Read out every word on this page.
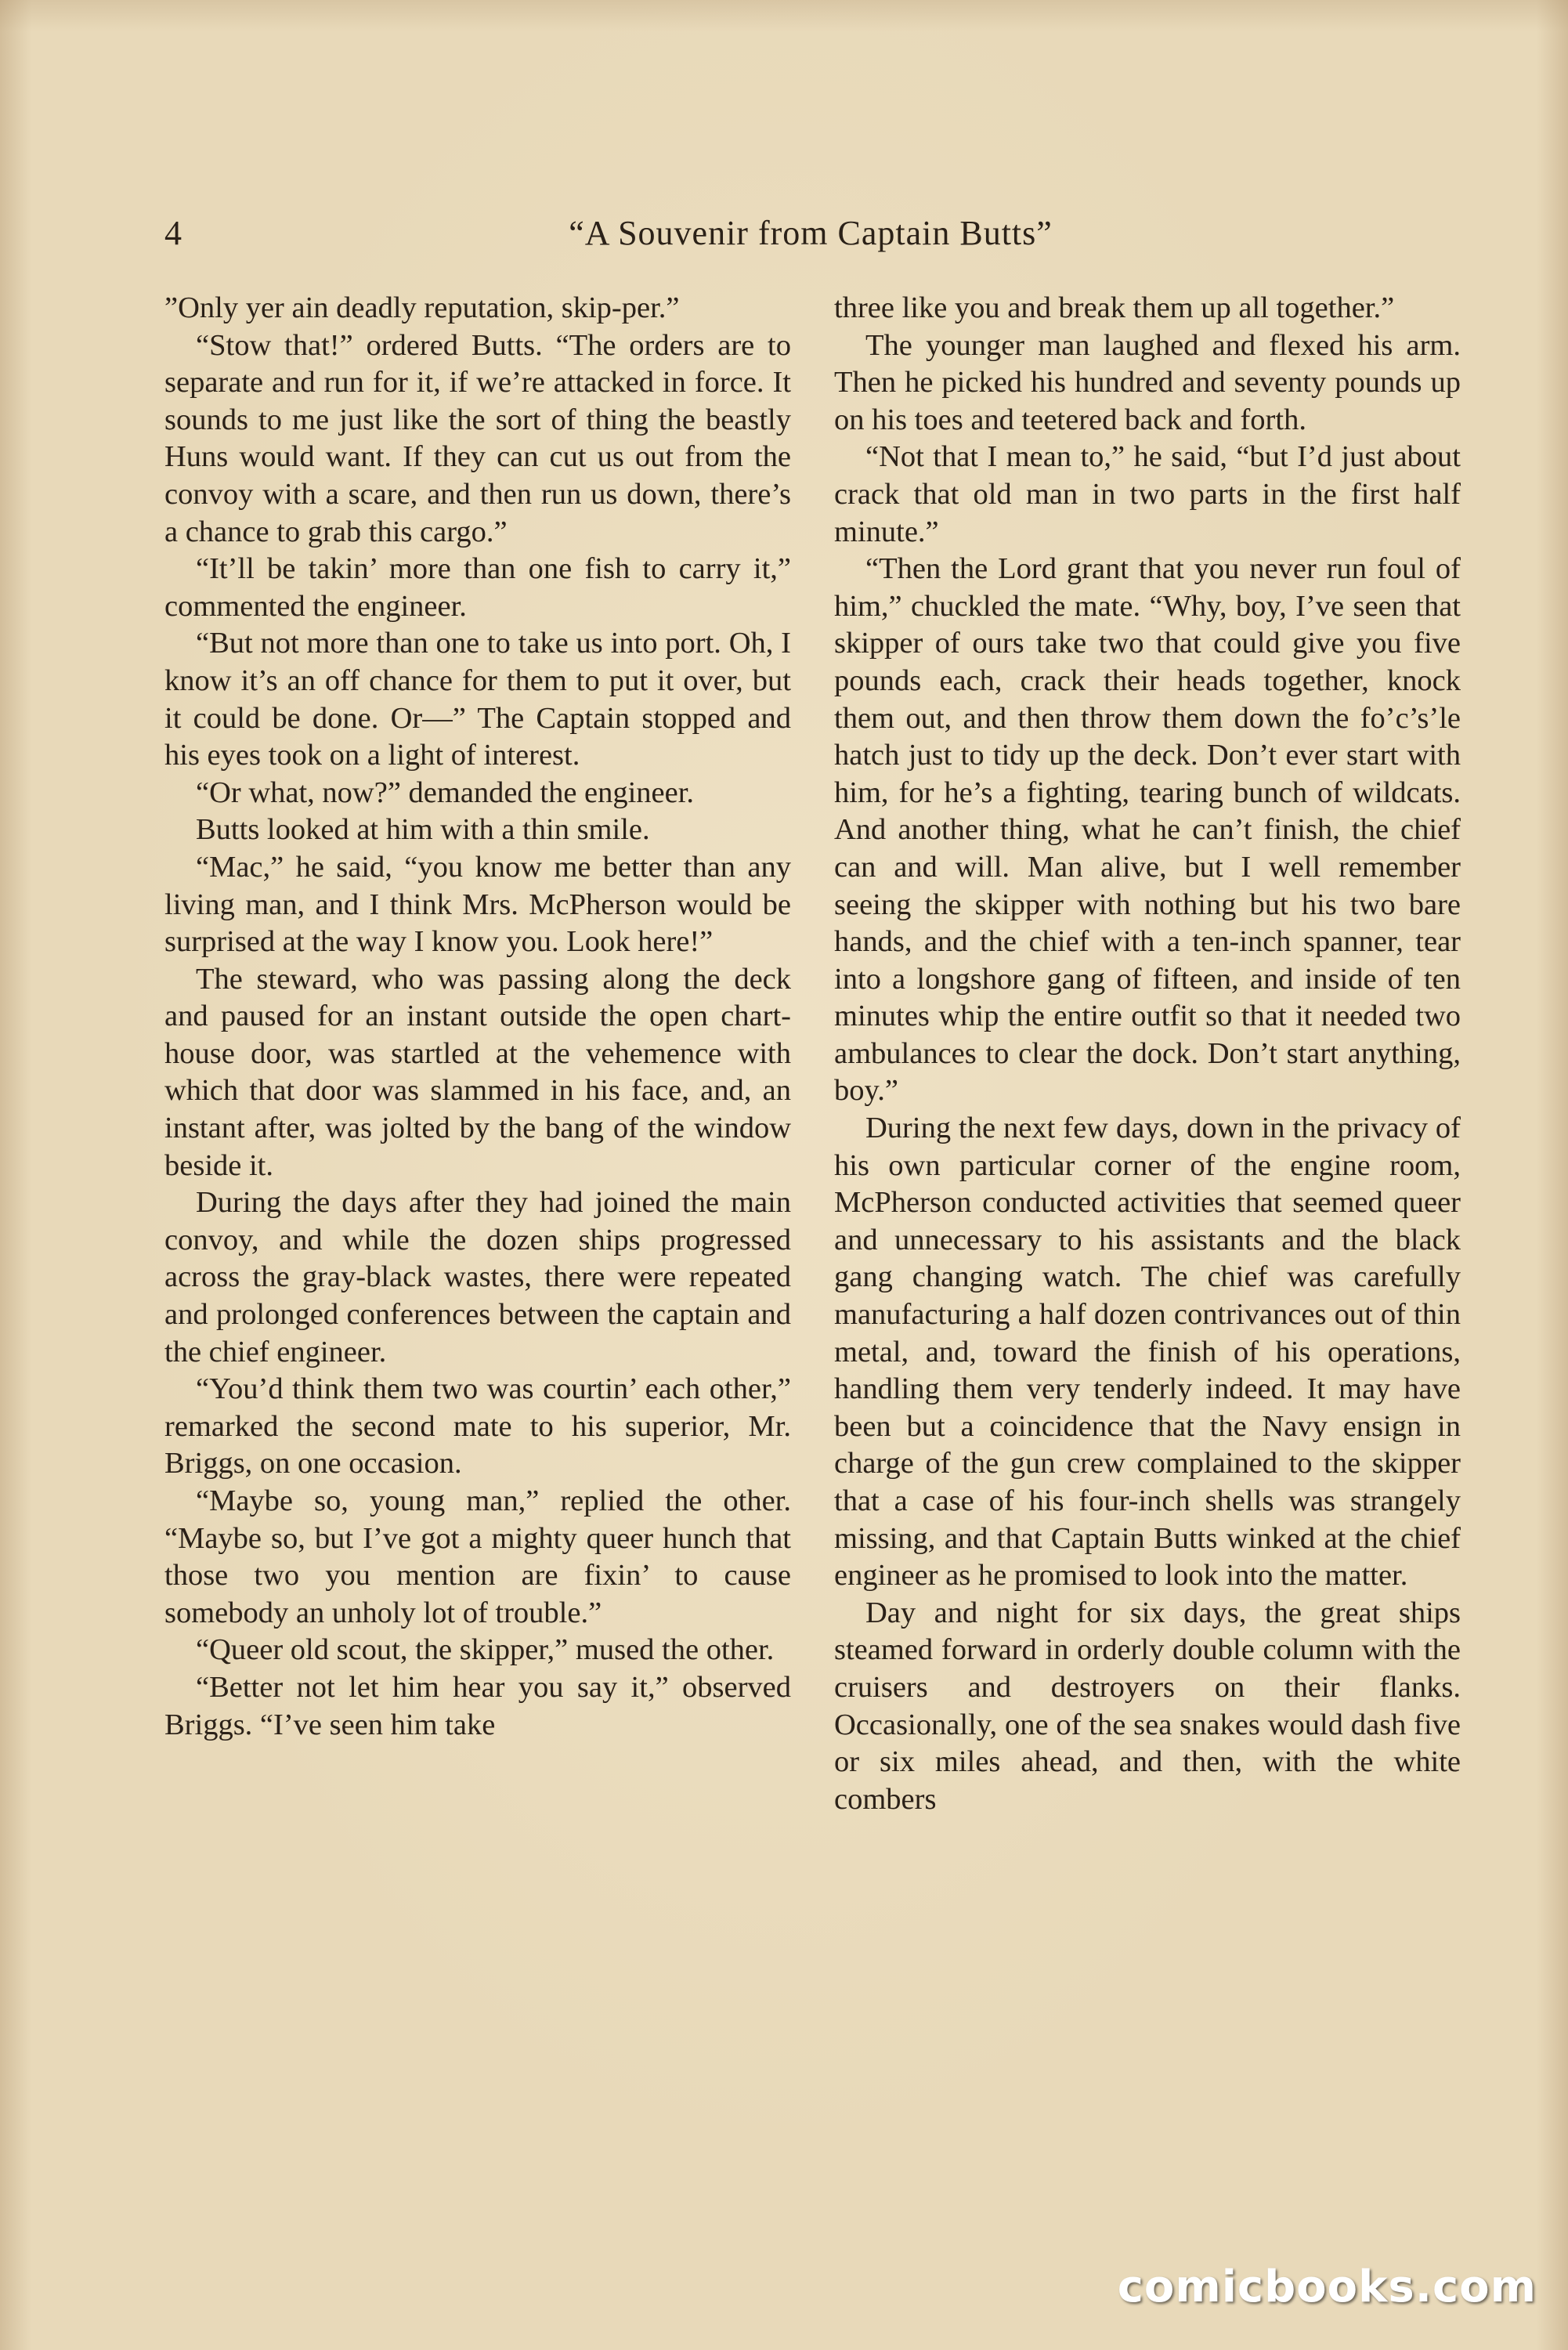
4	“A Souvenir from Captain Butts”

”Only yer ain deadly reputation, skip-per.”

“Stow that!” ordered Butts. “The orders are to separate and run for it, if we’re attacked in force. It sounds to me just like the sort of thing the beastly Huns would want. If they can cut us out from the convoy with a scare, and then run us down, there’s a chance to grab this cargo.”

“It’ll be takin’ more than one fish to carry it,” commented the engineer.

“But not more than one to take us into port. Oh, I know it’s an off chance for them to put it over, but it could be done. Or—” The Captain stopped and his eyes took on a light of interest.

“Or what, now?” demanded the engineer.

Butts looked at him with a thin smile.

“Mac,” he said, “you know me better than any living man, and I think Mrs. McPherson would be surprised at the way I know you. Look here!”

The steward, who was passing along the deck and paused for an instant outside the open chart-house door, was startled at the vehemence with which that door was slammed in his face, and, an instant after, was jolted by the bang of the window beside it.

During the days after they had joined the main convoy, and while the dozen ships progressed across the gray-black wastes, there were repeated and prolonged conferences between the captain and the chief engineer.

“You’d think them two was courtin’ each other,” remarked the second mate to his superior, Mr. Briggs, on one occasion.

“Maybe so, young man,” replied the other. “Maybe so, but I’ve got a mighty queer hunch that those two you mention are fixin’ to cause somebody an unholy lot of trouble.”

“Queer old scout, the skipper,” mused the other.

“Better not let him hear you say it,” observed Briggs. “I’ve seen him take

three like you and break them up all together.”

The younger man laughed and flexed his arm. Then he picked his hundred and seventy pounds up on his toes and teetered back and forth.

“Not that I mean to,” he said, “but I’d just about crack that old man in two parts in the first half minute.”

“Then the Lord grant that you never run foul of him,” chuckled the mate. “Why, boy, I’ve seen that skipper of ours take two that could give you five pounds each, crack their heads together, knock them out, and then throw them down the fo’c’s’le hatch just to tidy up the deck. Don’t ever start with him, for he’s a fighting, tearing bunch of wildcats. And another thing, what he can’t finish, the chief can and will. Man alive, but I well remember seeing the skipper with nothing but his two bare hands, and the chief with a ten-inch spanner, tear into a longshore gang of fifteen, and inside of ten minutes whip the entire outfit so that it needed two ambulances to clear the dock. Don’t start anything, boy.”

During the next few days, down in the privacy of his own particular corner of the engine room, McPherson conducted activities that seemed queer and unnecessary to his assistants and the black gang changing watch. The chief was carefully manufacturing a half dozen contrivances out of thin metal, and, toward the finish of his operations, handling them very tenderly indeed. It may have been but a coincidence that the Navy ensign in charge of the gun crew complained to the skipper that a case of his four-inch shells was strangely missing, and that Captain Butts winked at the chief engineer as he promised to look into the matter.

Day and night for six days, the great ships steamed forward in orderly double column with the cruisers and destroyers on their flanks. Occasionally, one of the sea snakes would dash five or six miles ahead, and then, with the white combers

comicbooks.com
